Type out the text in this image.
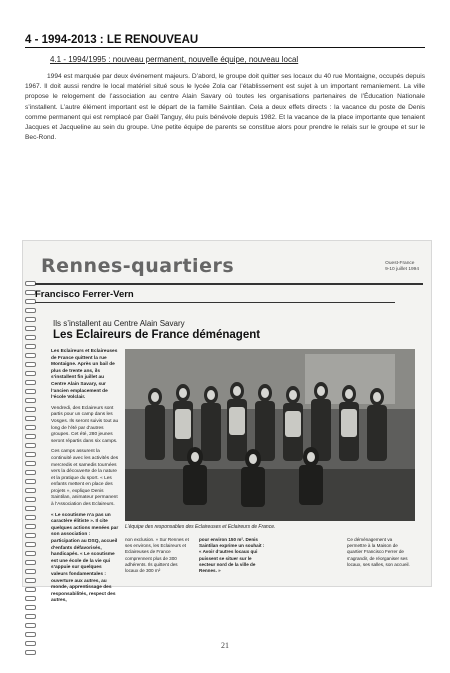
4 - 1994-2013 : LE RENOUVEAU
4.1 - 1994/1995 : nouveau permanent, nouvelle équipe, nouveau local
1994 est marquée par deux événement majeurs. D’abord, le groupe doit quitter ses locaux du 40 rue Montaigne, occupés depuis 1967. Il doit aussi rendre le local matériel situé sous le lycée Zola car l’établissement est sujet à un important remaniement. La ville propose le relogement de l’association au centre Alain Savary où toutes les organisations partenaires de l’Éducation Nationale s’installent. L’autre élément important est le départ de la famille Saintilan. Cela a deux effets directs : la vacance du poste de Denis comme permanent qui est remplacé par Gaël Tanguy, élu puis bénévole depuis 1982. Et la vacance de la place importante que tenaient Jacques et Jacqueline au sein du groupe. Une petite équipe de parents se constitue alors pour prendre le relais sur le groupe et sur le Bec-Rond.
Rennes-quartiers	Ouest-France
9-10 juillet 1994
Francisco Ferrer-Vern
Ils s’installent au Centre Alain Savary
Les Eclaireurs de France déménagent

Les Eclaireurs et Eclaireuses de France quittent la rue Montaigne. Après un bail de plus de trente ans, ils s’installent fin juillet au Centre Alain Savary, sur l’ancien emplacement de l’école Volclair.

Vendredi, des Eclaireurs sont partis pour un camp dans les Vosges. Ils seront suivis tout au long de l’été par d’autres groupes. Cet été, 280 jeunes seront répartis dans six camps.

Ces camps assurent la continuité avec les activités des mercredis et samedis tournées vers la découverte de la nature et la pratique du sport. « Les enfants mettent en place des projets », explique Denis Saintilan, animateur permanent à l’Association des Eclaireurs.

« Le scoutisme n’a pas un caractère élitiste ». Il cite quelques actions menées par son association : participation au DSQ, accueil d’enfants défavorisés, handicapés. « Le scoutisme est une école de la vie qui s’appuie sur quelques valeurs fondamentales : ouverture aux autres, au monde, apprentissage des responsabilités, respect des autres,

L’équipe des responsables des Eclaireuses et Eclaireurs de France.
non exclusion. » Sur Rennes et ses environs, les Eclaireurs et Eclaireuses de France comprennent plus de 300 adhérents. Ils quittent des locaux de 300 m²
pour environ 150 m². Denis Saintilan exprime un souhait : « Avoir d’autres locaux qui puissent se situer sur le secteur nord de la ville de Rennes. »
Ce déménagement va permettre à la Maison de quartier Francisco Ferrer de s’agrandir, de réorganiser ses locaux, ses salles, son accueil.
21
